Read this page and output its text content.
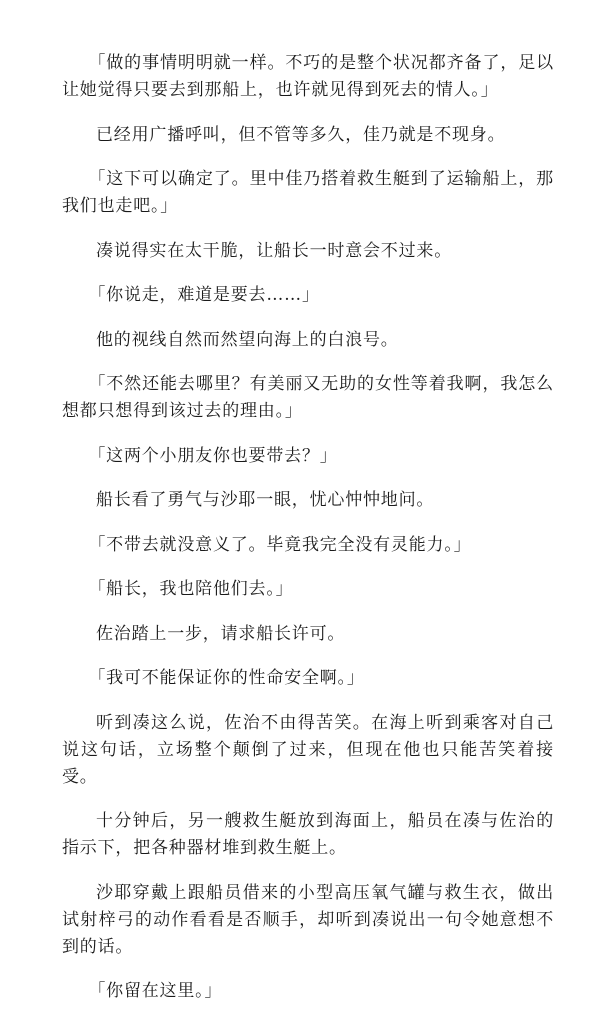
「做的事情明明就一样。不巧的是整个状况都齐备了，足以让她觉得只要去到那船上，也许就见得到死去的情人。」

已经用广播呼叫，但不管等多久，佳乃就是不现身。

「这下可以确定了。里中佳乃搭着救生艇到了运输船上，那我们也走吧。」

凑说得实在太干脆，让船长一时意会不过来。

「你说走，难道是要去……」

他的视线自然而然望向海上的白浪号。

「不然还能去哪里？有美丽又无助的女性等着我啊，我怎么想都只想得到该过去的理由。」

「这两个小朋友你也要带去？」

船长看了勇气与沙耶一眼，忧心忡忡地问。

「不带去就没意义了。毕竟我完全没有灵能力。」

「船长，我也陪他们去。」

佐治踏上一步，请求船长许可。

「我可不能保证你的性命安全啊。」

听到凑这么说，佐治不由得苦笑。在海上听到乘客对自己说这句话，立场整个颠倒了过来，但现在他也只能苦笑着接受。

十分钟后，另一艘救生艇放到海面上，船员在凑与佐治的指示下，把各种器材堆到救生艇上。

沙耶穿戴上跟船员借来的小型高压氧气罐与救生衣，做出试射梓弓的动作看看是否顺手，却听到凑说出一句令她意想不到的话。

「你留在这里。」
